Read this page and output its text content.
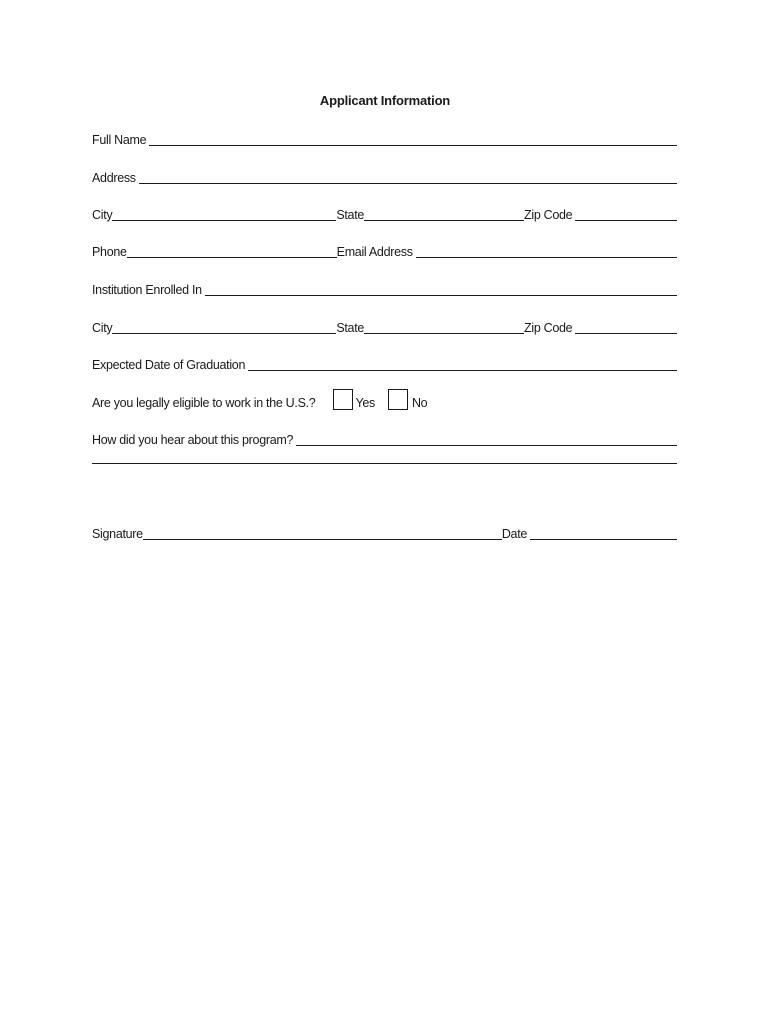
Applicant Information
Full Name
Address
City	State	Zip Code
Phone	Email Address
Institution Enrolled In
City	State	Zip Code
Expected Date of Graduation
Are you legally eligible to work in the U.S.?	Yes	No
How did you hear about this program?
Signature	Date
